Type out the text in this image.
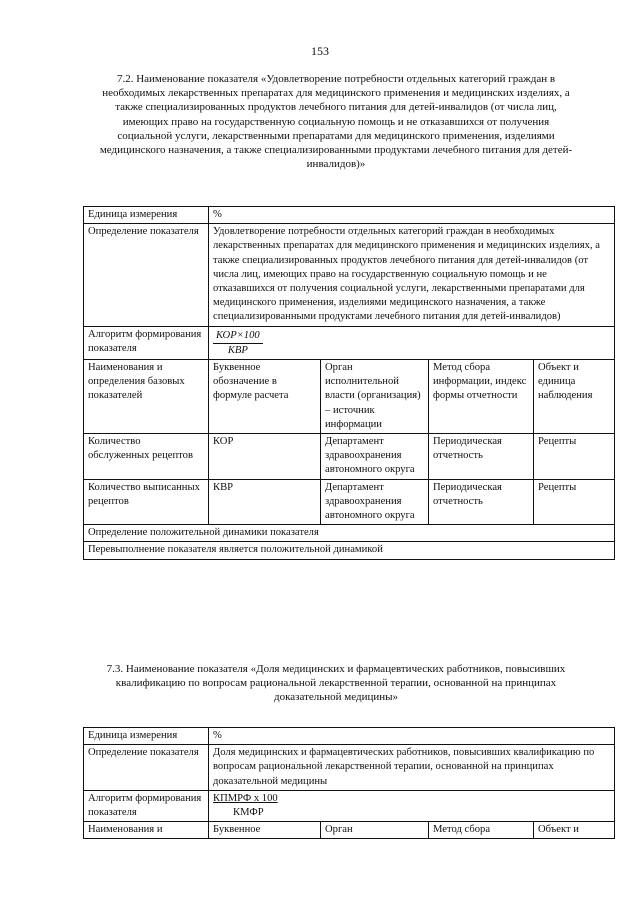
153
7.2. Наименование показателя «Удовлетворение потребности отдельных категорий граждан в необходимых лекарственных препаратах для медицинского применения и медицинских изделиях, а также специализированных продуктов лечебного питания для детей-инвалидов (от числа лиц, имеющих право на государственную социальную помощь и не отказавшихся от получения социальной услуги, лекарственными препаратами для медицинского применения, изделиями медицинского назначения, а также специализированными продуктами лечебного питания для детей-инвалидов)»
Единица измерения	%			
Определение показателя	Удовлетворение потребности отдельных категорий граждан в необходимых лекарственных препаратах для медицинского применения и медицинских изделиях, а также специализированных продуктов лечебного питания для детей-инвалидов (от числа лиц, имеющих право на государственную социальную помощь и не отказавшихся от получения социальной услуги, лекарственными препаратами для медицинского применения, изделиями медицинского назначения, а также специализированными продуктами лечебного питания для детей-инвалидов)			
Алгоритм формирования показателя	$\frac{\text{КОР×100}}{\text{КВР}}$

Наименования и определения базовых показателей	Буквенное обозначение в формуле расчета	Орган исполнительной власти (организация) – источник информации	Метод сбора информации, индекс формы отчетности	Объект и единица наблюдения
Количество обслуженных рецептов	КОР	Департамент здравоохранения автономного округа	Периодическая отчетность	Рецепты
Количество выписанных рецептов	КВР	Департамент здравоохранения автономного округа	Периодическая отчетность	Рецепты
Определение положительной динамики показателя				
Перевыполнение показателя является положительной динамикой				
7.3. Наименование показателя «Доля медицинских и фармацевтических работников, повысивших квалификацию по вопросам рациональной лекарственной терапии, основанной на принципах доказательной медицины»
Единица измерения	%			
Определение показателя	Доля медицинских и фармацевтических работников, повысивших квалификацию по вопросам рациональной лекарственной терапии, основанной на принципах доказательной медицины			
Алгоритм формирования показателя	КПМРФ х 100
КМФР			

Наименования и	Буквенное	Орган	Метод сбора	Объект и
